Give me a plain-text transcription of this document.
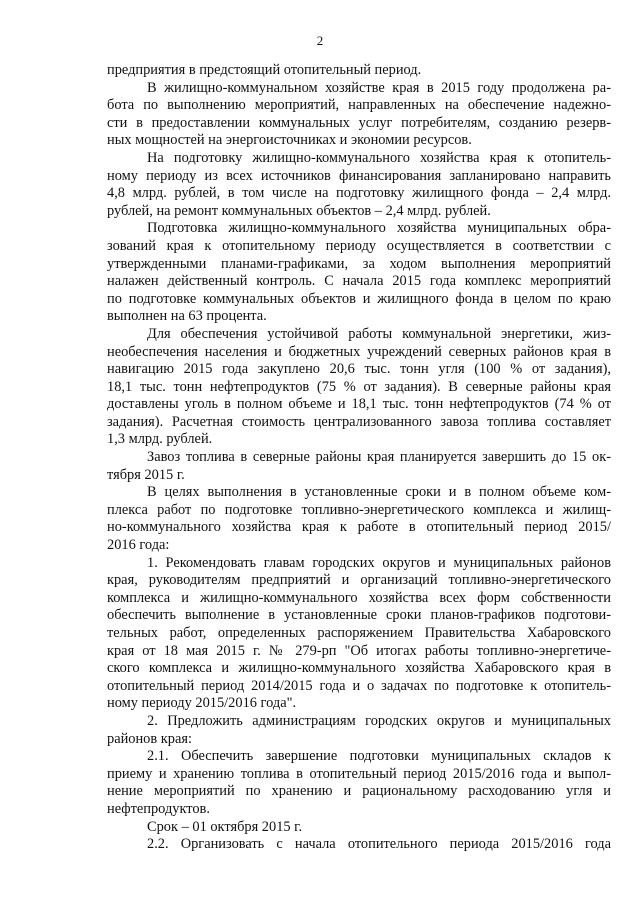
2
предприятия в предстоящий отопительный период.
В жилищно-коммунальном хозяйстве края в 2015 году продолжена ра-
бота по выполнению мероприятий, направленных на обеспечение надежно-
сти в предоставлении коммунальных услуг потребителям, созданию резерв-
ных мощностей на энергоисточниках и экономии ресурсов.
На подготовку жилищно-коммунального хозяйства края к отопитель-
ному периоду из всех источников финансирования запланировано направить
4,8 млрд. рублей, в том числе на подготовку жилищного фонда – 2,4 млрд.
рублей, на ремонт коммунальных объектов – 2,4 млрд. рублей.
Подготовка жилищно-коммунального хозяйства муниципальных обра-
зований края к отопительному периоду осуществляется в соответствии с
утвержденными планами-графиками, за ходом выполнения мероприятий
налажен действенный контроль. С начала 2015 года комплекс мероприятий
по подготовке коммунальных объектов и жилищного фонда в целом по краю
выполнен на 63 процента.
Для обеспечения устойчивой работы коммунальной энергетики, жиз-
необеспечения населения и бюджетных учреждений северных районов края в
навигацию 2015 года закуплено 20,6 тыс. тонн угля (100 % от задания),
18,1 тыс. тонн нефтепродуктов (75 % от задания). В северные районы края
доставлены уголь в полном объеме и 18,1 тыс. тонн нефтепродуктов (74 % от
задания). Расчетная стоимость централизованного завоза топлива составляет
1,3 млрд. рублей.
Завоз топлива в северные районы края планируется завершить до 15 ок-
тября 2015 г.
В целях выполнения в установленные сроки и в полном объеме ком-
плекса работ по подготовке топливно-энергетического комплекса и жилищ-
но-коммунального хозяйства края к работе в отопительный период 2015/
2016 года:
1. Рекомендовать главам городских округов и муниципальных районов
края, руководителям предприятий и организаций топливно-энергетического
комплекса и жилищно-коммунального хозяйства всех форм собственности
обеспечить выполнение в установленные сроки планов-графиков подготови-
тельных работ, определенных распоряжением Правительства Хабаровского
края от 18 мая 2015 г. № 279-рп "Об итогах работы топливно-энергетиче-
ского комплекса и жилищно-коммунального хозяйства Хабаровского края в
отопительный период 2014/2015 года и о задачах по подготовке к отопитель-
ному периоду 2015/2016 года".
2. Предложить администрациям городских округов и муниципальных
районов края:
2.1. Обеспечить завершение подготовки муниципальных складов к
приему и хранению топлива в отопительный период 2015/2016 года и выпол-
нение мероприятий по хранению и рациональному расходованию угля и
нефтепродуктов.
Срок – 01 октября 2015 г.
2.2. Организовать с начала отопительного периода 2015/2016 года
